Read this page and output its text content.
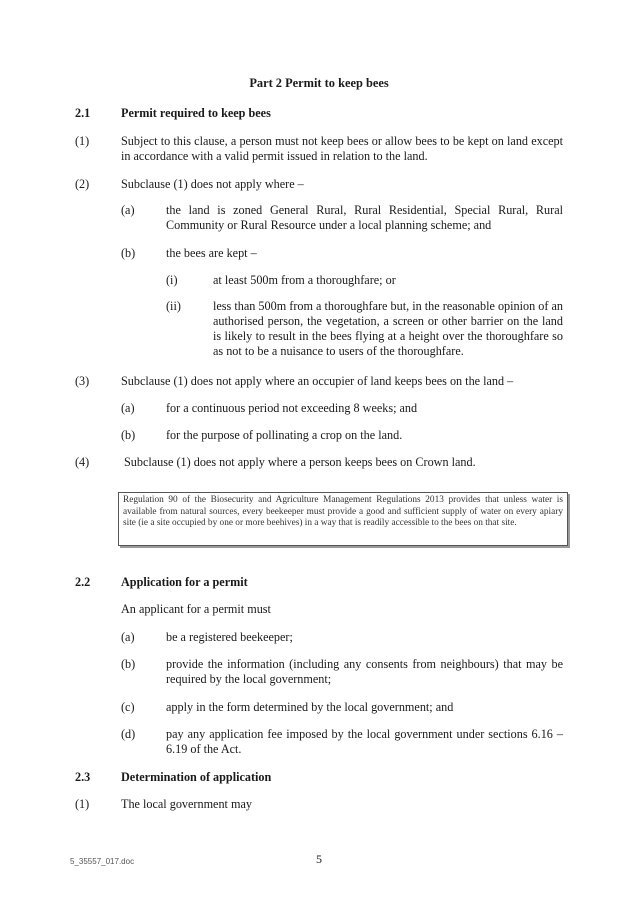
Part 2 Permit to keep bees
2.1	Permit required to keep bees
(1)	Subject to this clause, a person must not keep bees or allow bees to be kept on land except in accordance with a valid permit issued in relation to the land.
(2)	Subclause (1) does not apply where –
(a)	the land is zoned General Rural, Rural Residential, Special Rural, Rural Community or Rural Resource under a local planning scheme; and
(b)	the bees are kept –
(i)	at least 500m from a thoroughfare; or
(ii)	less than 500m from a thoroughfare but, in the reasonable opinion of an authorised person, the vegetation, a screen or other barrier on the land is likely to result in the bees flying at a height over the thoroughfare so as not to be a nuisance to users of the thoroughfare.
(3)	Subclause (1) does not apply where an occupier of land keeps bees on the land –
(a)	for a continuous period not exceeding 8 weeks; and
(b)	for the purpose of pollinating a crop on the land.
(4)	Subclause (1) does not apply where a person keeps bees on Crown land.
Regulation 90 of the Biosecurity and Agriculture Management Regulations 2013 provides that unless water is available from natural sources, every beekeeper must provide a good and sufficient supply of water on every apiary site (ie a site occupied by one or more beehives) in a way that is readily accessible to the bees on that site.
2.2	Application for a permit
An applicant for a permit must
(a)	be a registered beekeeper;
(b)	provide the information (including any consents from neighbours) that may be required by the local government;
(c)	apply in the form determined by the local government; and
(d)	pay any application fee imposed by the local government under sections 6.16 – 6.19 of the Act.
2.3	Determination of application
(1)	The local government may
5_35557_017.doc	5
